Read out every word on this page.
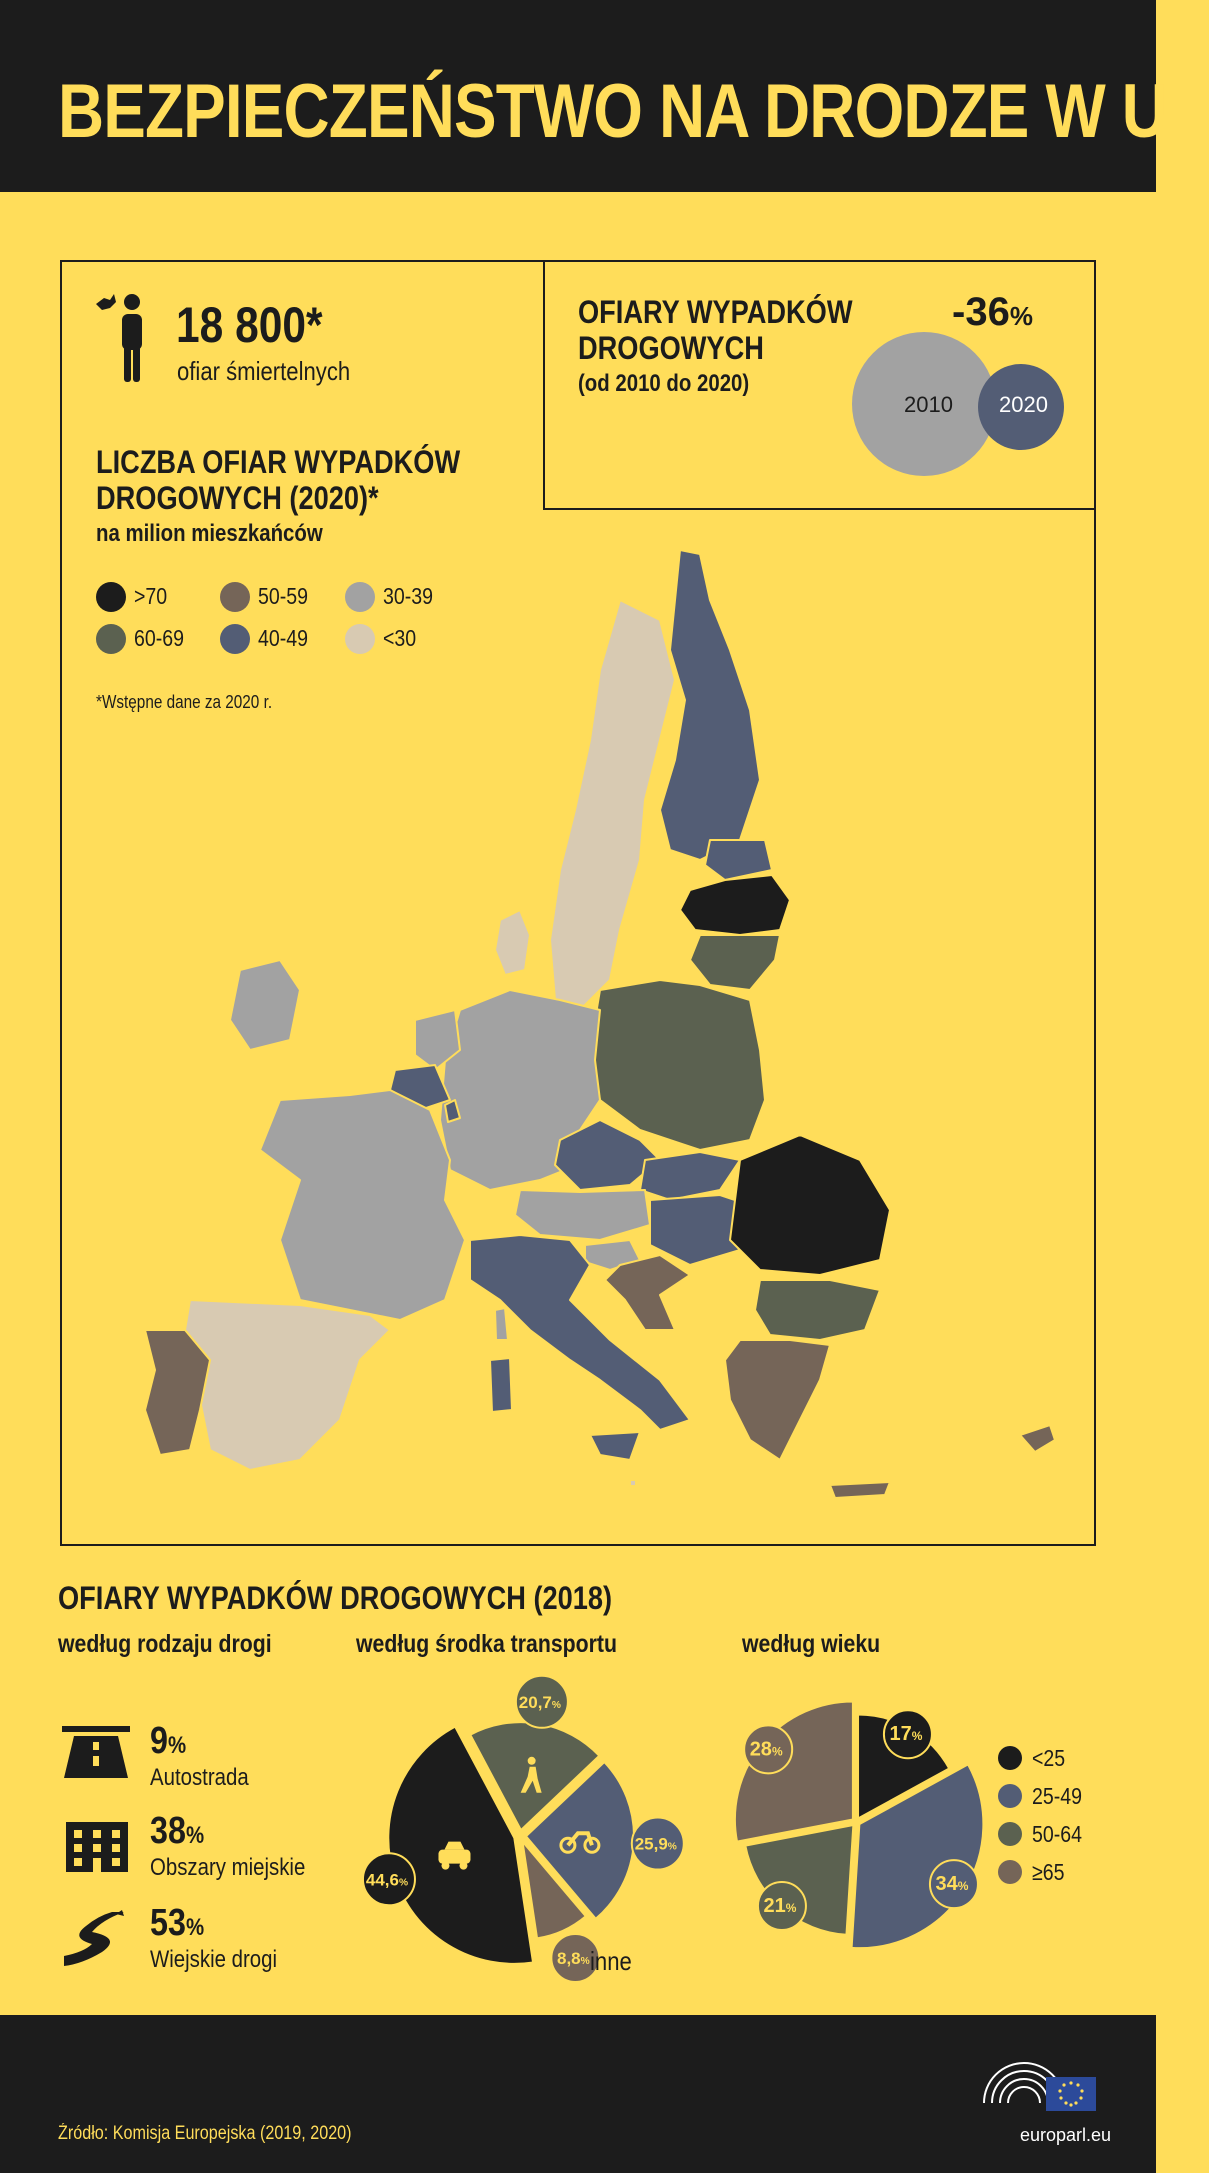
BEZPIECZEŃSTWO NA DRODZE W UE
18 800*
ofiar śmiertelnych
LICZBA OFIAR WYPADKÓW
DROGOWYCH (2020)*
na milion mieszkańców
>70
60-69
50-59
40-49
30-39
<30
*Wstępne dane za 2020 r.
OFIARY WYPADKÓW
DROGOWYCH
(od 2010 do 2020)
-36%
2010 2020
OFIARY WYPADKÓW DROGOWYCH (2018)
według rodzaju drogi	według środka transportu	według wieku
9%
Autostrada
38%
Obszary miejskie
53%
Wiejskie drogi
20,7%
25,9%
8,8%
44,6%
inne
17%
34%
21%
28%	<25
25-49
50-64
≥65
Źródło: Komisja Europejska (2019, 2020)	europarl.eu
